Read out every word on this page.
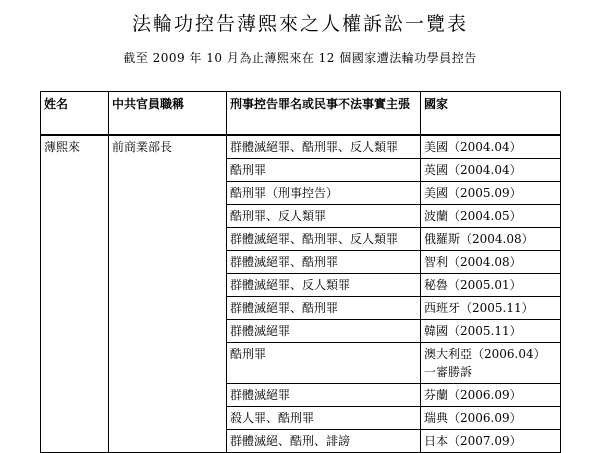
法輪功控告薄熙來之人權訴訟一覽表
截至 2009 年 10 月為止薄熙來在 12 個國家遭法輪功學員控告
姓名	中共官員職稱	刑事控告罪名或民事不法事實主張	國家
薄熙來	前商業部長	群體滅絕罪、酷刑罪、反人類罪	美國（2004.04）

		酷刑罪	英國（2004.04）

		酷刑罪（刑事控告）	美國（2005.09）

		酷刑罪、反人類罪	波蘭（2004.05）

		群體滅絕罪、酷刑罪、反人類罪	俄羅斯（2004.08）

		群體滅絕罪、酷刑罪	智利（2004.08）

		群體滅絕罪、反人類罪	秘魯（2005.01）

		群體滅絕罪、酷刑罪	西班牙（2005.11）

		群體滅絕罪	韓國（2005.11）

		酷刑罪	澳大利亞（2006.04）
一審勝訴

		群體滅絕罪	芬蘭（2006.09）

		殺人罪、酷刑罪	瑞典（2006.09）

		群體滅絕、酷刑、誹謗	日本（2007.09）
